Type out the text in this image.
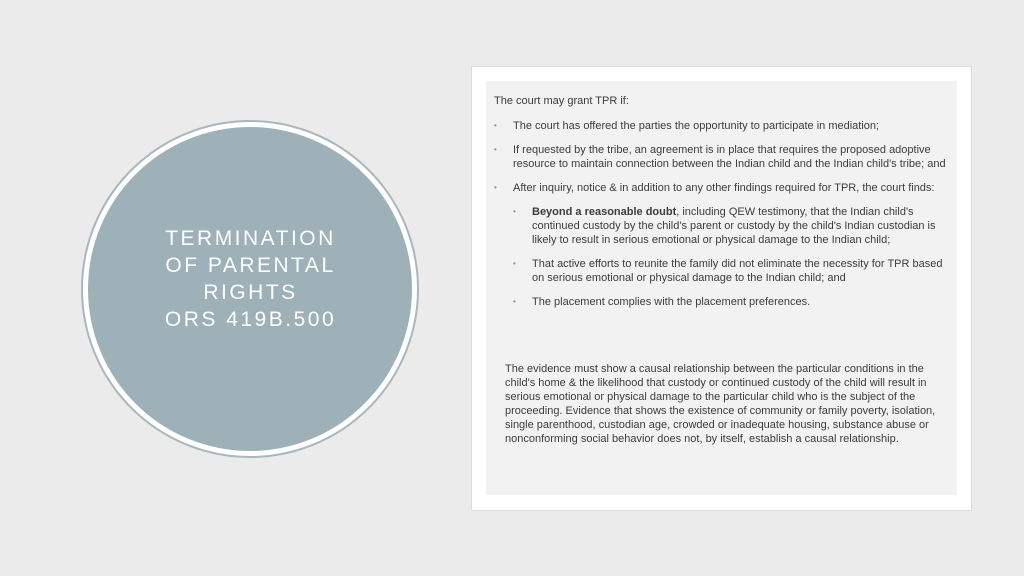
TERMINATION
OF PARENTAL
RIGHTS
ORS 419B.500
The court may grant TPR if:
• The court has offered the parties the opportunity to participate in mediation;
• If requested by the tribe, an agreement is in place that requires the proposed adoptive resource to maintain connection between the Indian child and the Indian child's tribe; and
• After inquiry, notice & in addition to any other findings required for TPR, the court finds:
• Beyond a reasonable doubt, including QEW testimony, that the Indian child's continued custody by the child's parent or custody by the child's Indian custodian is likely to result in serious emotional or physical damage to the Indian child;
• That active efforts to reunite the family did not eliminate the necessity for TPR based on serious emotional or physical damage to the Indian child; and
• The placement complies with the placement preferences.
The evidence must show a causal relationship between the particular conditions in the child's home & the likelihood that custody or continued custody of the child will result in serious emotional or physical damage to the particular child who is the subject of the proceeding. Evidence that shows the existence of community or family poverty, isolation, single parenthood, custodian age, crowded or inadequate housing, substance abuse or nonconforming social behavior does not, by itself, establish a causal relationship.
